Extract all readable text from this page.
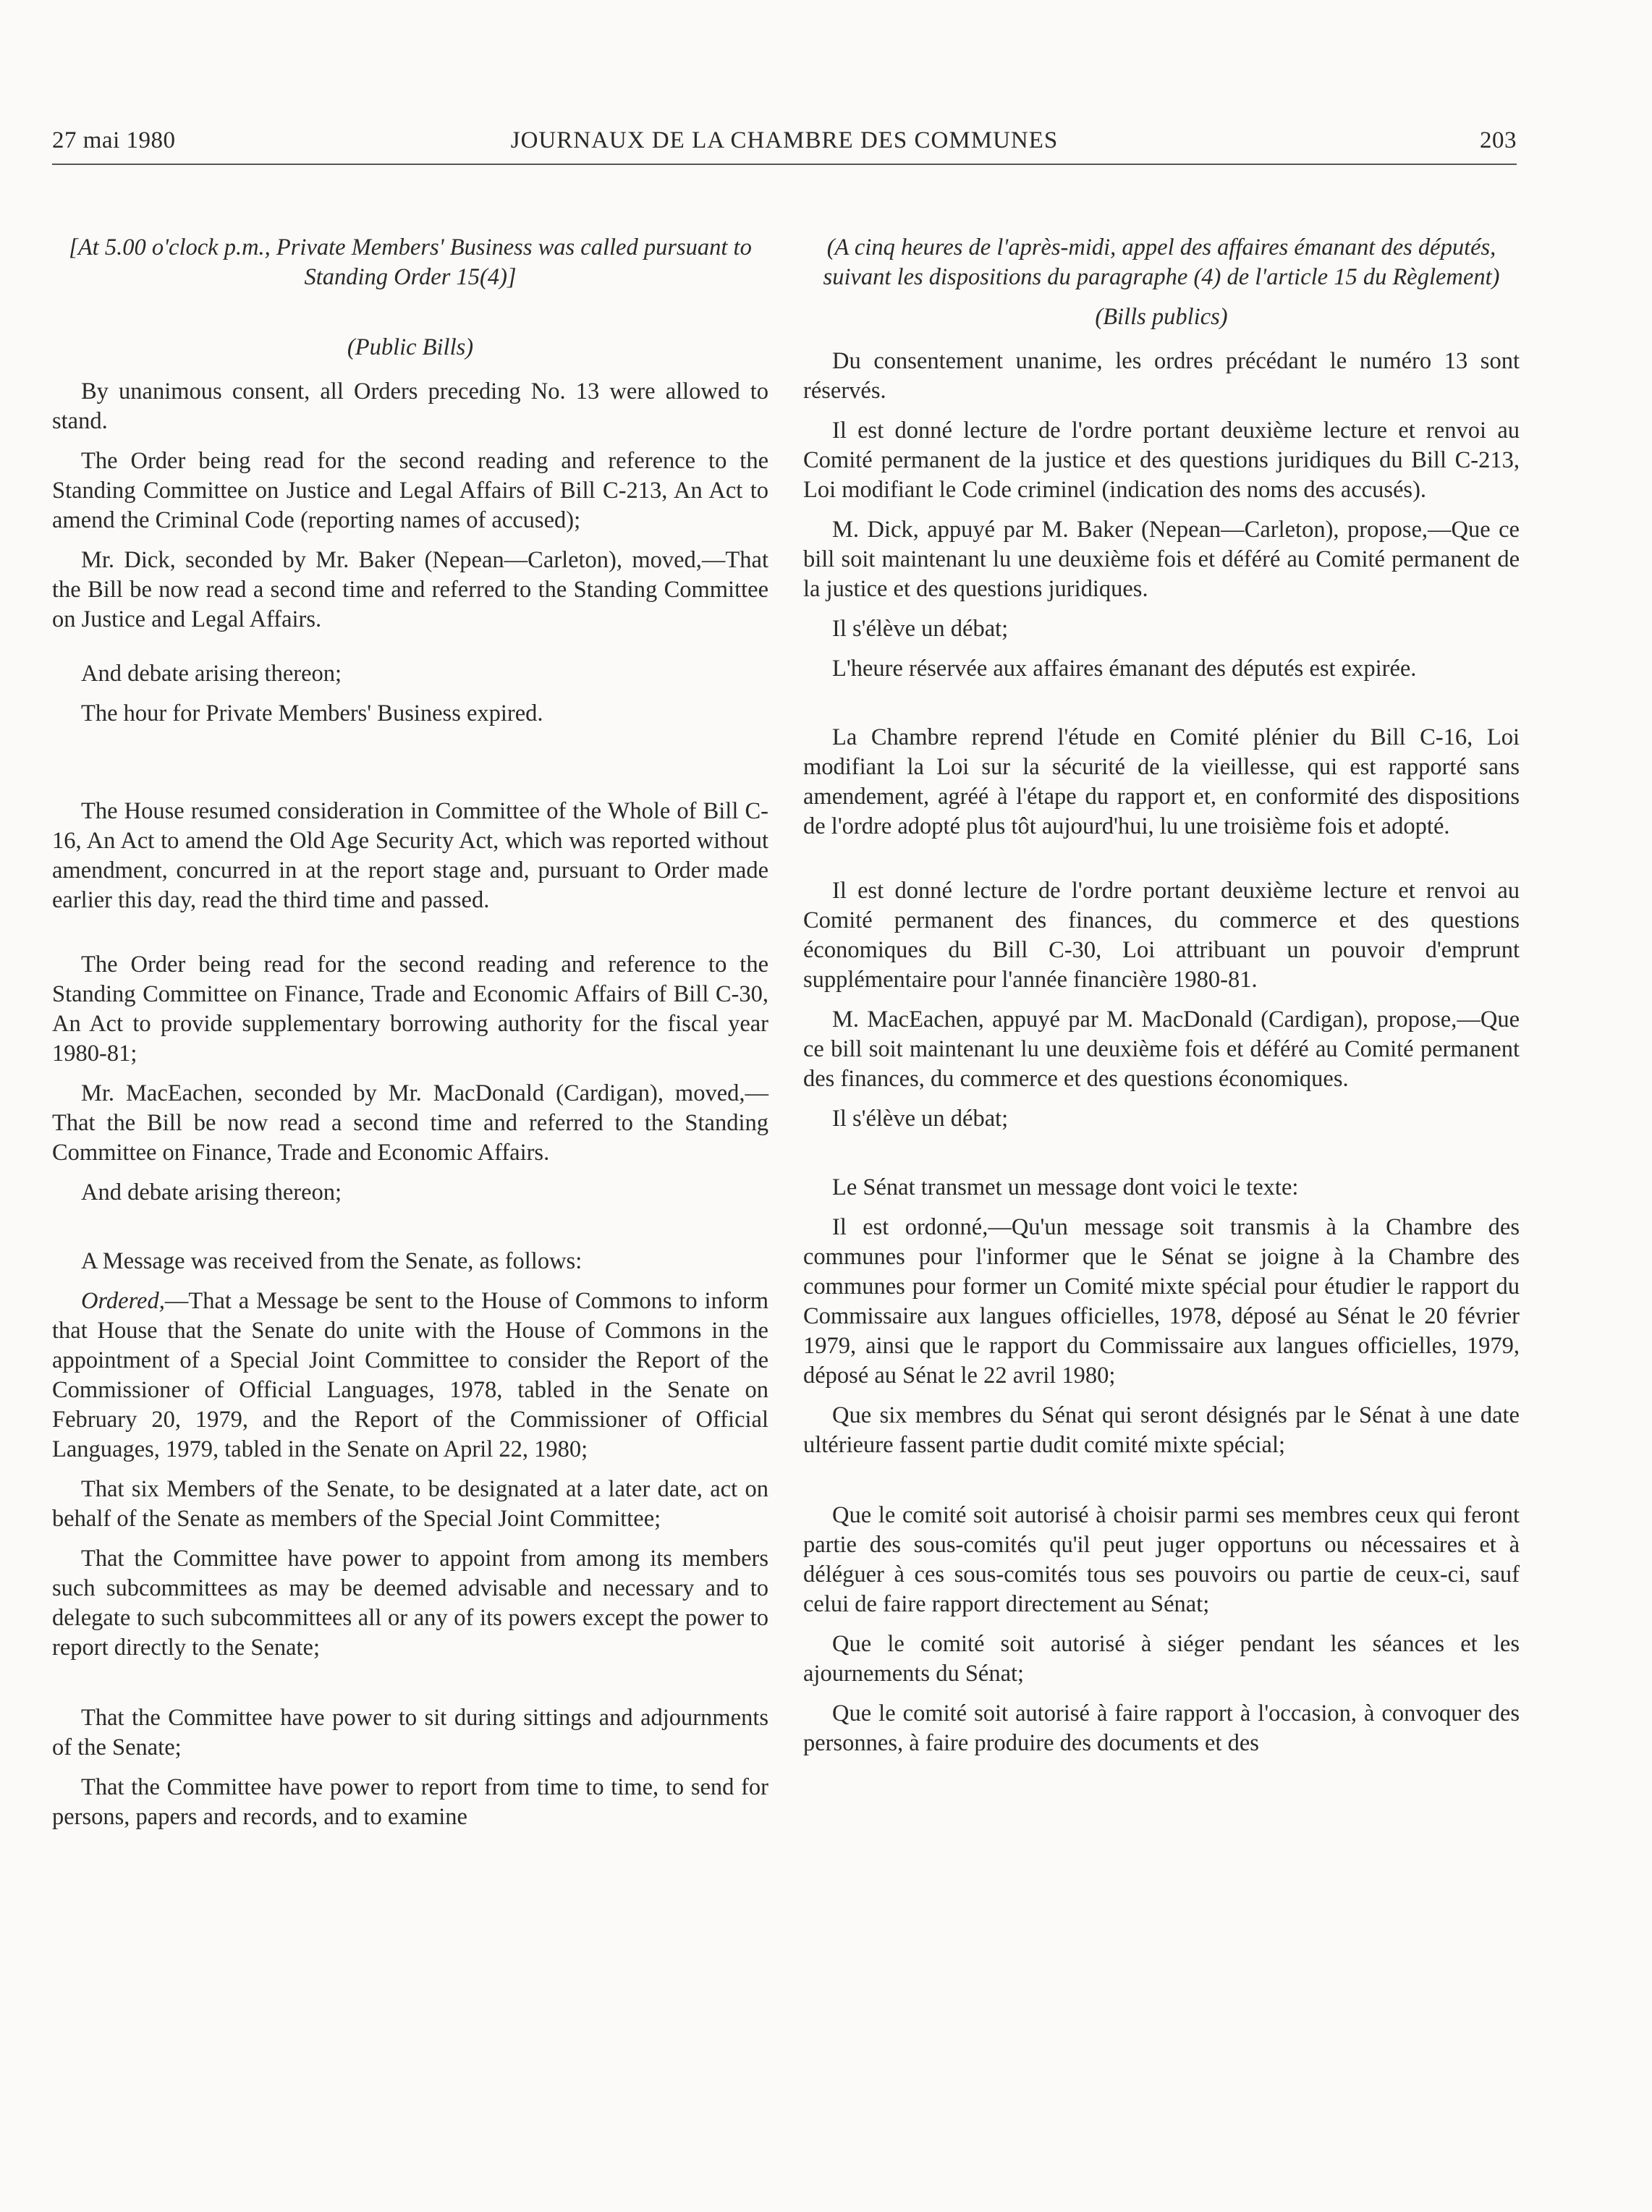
27 mai 1980	JOURNAUX DE LA CHAMBRE DES COMMUNES	203

[At 5.00 o'clock p.m., Private Members' Business was called pursuant to Standing Order 15(4)]

(Public Bills)

By unanimous consent, all Orders preceding No. 13 were allowed to stand.

The Order being read for the second reading and reference to the Standing Committee on Justice and Legal Affairs of Bill C-213, An Act to amend the Criminal Code (reporting names of accused);

Mr. Dick, seconded by Mr. Baker (Nepean—Carleton), moved,—That the Bill be now read a second time and referred to the Standing Committee on Justice and Legal Affairs.

And debate arising thereon;

The hour for Private Members' Business expired.

The House resumed consideration in Committee of the Whole of Bill C-16, An Act to amend the Old Age Security Act, which was reported without amendment, concurred in at the report stage and, pursuant to Order made earlier this day, read the third time and passed.

The Order being read for the second reading and reference to the Standing Committee on Finance, Trade and Economic Affairs of Bill C-30, An Act to provide supplementary borrowing authority for the fiscal year 1980-81;

Mr. MacEachen, seconded by Mr. MacDonald (Cardigan), moved,—That the Bill be now read a second time and referred to the Standing Committee on Finance, Trade and Economic Affairs.

And debate arising thereon;

A Message was received from the Senate, as follows:

Ordered,—That a Message be sent to the House of Commons to inform that House that the Senate do unite with the House of Commons in the appointment of a Special Joint Committee to consider the Report of the Commissioner of Official Languages, 1978, tabled in the Senate on February 20, 1979, and the Report of the Commissioner of Official Languages, 1979, tabled in the Senate on April 22, 1980;

That six Members of the Senate, to be designated at a later date, act on behalf of the Senate as members of the Special Joint Committee;

That the Committee have power to appoint from among its members such subcommittees as may be deemed advisable and necessary and to delegate to such subcommittees all or any of its powers except the power to report directly to the Senate;

That the Committee have power to sit during sittings and adjournments of the Senate;

That the Committee have power to report from time to time, to send for persons, papers and records, and to examine

(A cinq heures de l'après-midi, appel des affaires émanant des députés, suivant les dispositions du paragraphe (4) de l'article 15 du Règlement)

(Bills publics)

Du consentement unanime, les ordres précédant le numéro 13 sont réservés.

Il est donné lecture de l'ordre portant deuxième lecture et renvoi au Comité permanent de la justice et des questions juridiques du Bill C-213, Loi modifiant le Code criminel (indication des noms des accusés).

M. Dick, appuyé par M. Baker (Nepean—Carleton), propose,—Que ce bill soit maintenant lu une deuxième fois et déféré au Comité permanent de la justice et des questions juridiques.

Il s'élève un débat;

L'heure réservée aux affaires émanant des députés est expirée.

La Chambre reprend l'étude en Comité plénier du Bill C-16, Loi modifiant la Loi sur la sécurité de la vieillesse, qui est rapporté sans amendement, agréé à l'étape du rapport et, en conformité des dispositions de l'ordre adopté plus tôt aujourd'hui, lu une troisième fois et adopté.

Il est donné lecture de l'ordre portant deuxième lecture et renvoi au Comité permanent des finances, du commerce et des questions économiques du Bill C-30, Loi attribuant un pouvoir d'emprunt supplémentaire pour l'année financière 1980-81.

M. MacEachen, appuyé par M. MacDonald (Cardigan), propose,—Que ce bill soit maintenant lu une deuxième fois et déféré au Comité permanent des finances, du commerce et des questions économiques.

Il s'élève un débat;

Le Sénat transmet un message dont voici le texte:

Il est ordonné,—Qu'un message soit transmis à la Chambre des communes pour l'informer que le Sénat se joigne à la Chambre des communes pour former un Comité mixte spécial pour étudier le rapport du Commissaire aux langues officielles, 1978, déposé au Sénat le 20 février 1979, ainsi que le rapport du Commissaire aux langues officielles, 1979, déposé au Sénat le 22 avril 1980;

Que six membres du Sénat qui seront désignés par le Sénat à une date ultérieure fassent partie dudit comité mixte spécial;

Que le comité soit autorisé à choisir parmi ses membres ceux qui feront partie des sous-comités qu'il peut juger opportuns ou nécessaires et à déléguer à ces sous-comités tous ses pouvoirs ou partie de ceux-ci, sauf celui de faire rapport directement au Sénat;

Que le comité soit autorisé à siéger pendant les séances et les ajournements du Sénat;

Que le comité soit autorisé à faire rapport à l'occasion, à convoquer des personnes, à faire produire des documents et des
